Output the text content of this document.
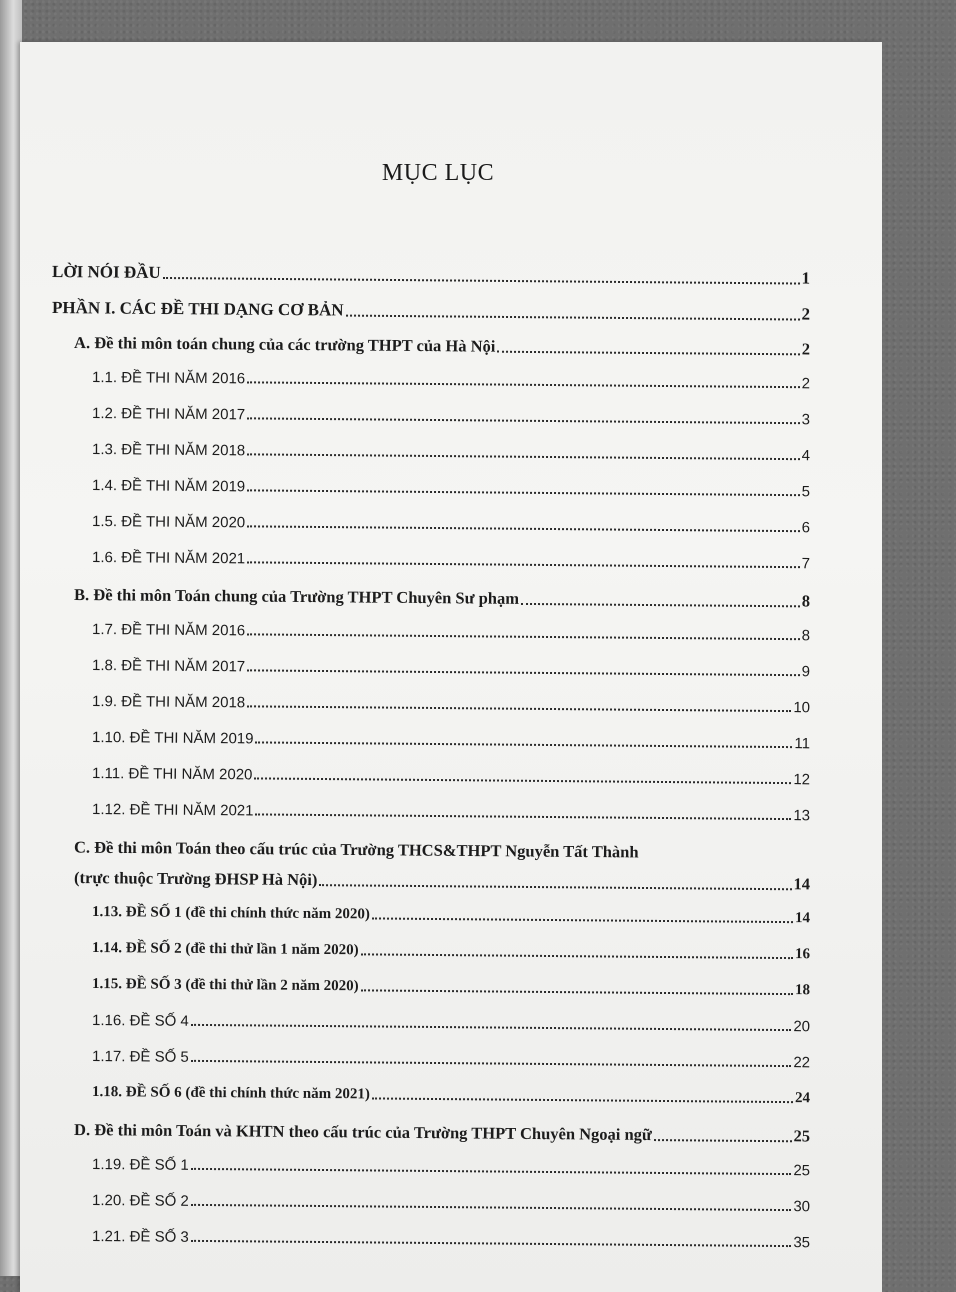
MỤC LỤC
LỜI NÓI ĐẦU	1
PHẦN I. CÁC ĐỀ THI DẠNG CƠ BẢN	2
A. Đề thi môn toán chung của các trường THPT của Hà Nội	2
1.1. ĐỀ THI NĂM 2016	2
1.2. ĐỀ THI NĂM 2017	3
1.3. ĐỀ THI NĂM 2018	4
1.4. ĐỀ THI NĂM 2019	5
1.5. ĐỀ THI NĂM 2020	6
1.6. ĐỀ THI NĂM 2021	7
B. Đề thi môn Toán chung của Trường THPT Chuyên Sư phạm	8
1.7. ĐỀ THI NĂM 2016	8
1.8. ĐỀ THI NĂM 2017	9
1.9. ĐỀ THI NĂM 2018	10
1.10. ĐỀ THI NĂM 2019	11
1.11. ĐỀ THI NĂM 2020	12
1.12. ĐỀ THI NĂM 2021	13
C. Đề thi môn Toán theo cấu trúc của Trường THCS&THPT Nguyễn Tất Thành
(trực thuộc Trường ĐHSP Hà Nội)	14
1.13. ĐỀ SỐ 1 (đề thi chính thức năm 2020)	14
1.14. ĐỀ SỐ 2 (đề thi thử lần 1 năm 2020)	16
1.15. ĐỀ SỐ 3 (đề thi thử lần 2 năm 2020)	18
1.16. ĐỀ SỐ 4	20
1.17. ĐỀ SỐ 5	22
1.18. ĐỀ SỐ 6 (đề thi chính thức năm 2021)	24
D. Đề thi môn Toán và KHTN theo cấu trúc của Trường THPT Chuyên Ngoại ngữ	25
1.19. ĐỀ SỐ 1	25
1.20. ĐỀ SỐ 2	30
1.21. ĐỀ SỐ 3	35
